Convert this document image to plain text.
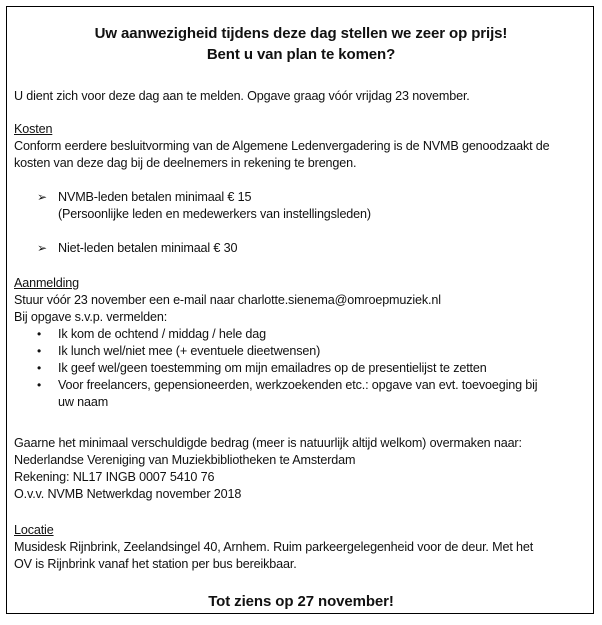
Uw aanwezigheid tijdens deze dag stellen we zeer op prijs!
Bent u van plan te komen?
U dient zich voor deze dag aan te melden. Opgave graag vóór vrijdag 23 november.
Kosten
Conform eerdere besluitvorming van de Algemene Ledenvergadering is de NVMB genoodzaakt de
kosten van deze dag bij de deelnemers in rekening te brengen.
➢ NVMB-leden betalen minimaal € 15
(Persoonlijke leden en medewerkers van instellingsleden)
➢ Niet-leden betalen minimaal € 30
Aanmelding
Stuur vóór 23 november een e-mail naar charlotte.sienema@omroepmuziek.nl
Bij opgave s.v.p. vermelden:
• Ik kom de ochtend / middag / hele dag
• Ik lunch wel/niet mee (+ eventuele dieetwensen)
• Ik geef wel/geen toestemming om mijn emailadres op de presentielijst te zetten
• Voor freelancers, gepensioneerden, werkzoekenden etc.: opgave van evt. toevoeging bij
uw naam
Gaarne het minimaal verschuldigde bedrag (meer is natuurlijk altijd welkom) overmaken naar:
Nederlandse Vereniging van Muziekbibliotheken te Amsterdam
Rekening: NL17 INGB 0007 5410 76
O.v.v. NVMB Netwerkdag november 2018
Locatie
Musidesk Rijnbrink, Zeelandsingel 40, Arnhem. Ruim parkeergelegenheid voor de deur. Met het
OV is Rijnbrink vanaf het station per bus bereikbaar.
Tot ziens op 27 november!
